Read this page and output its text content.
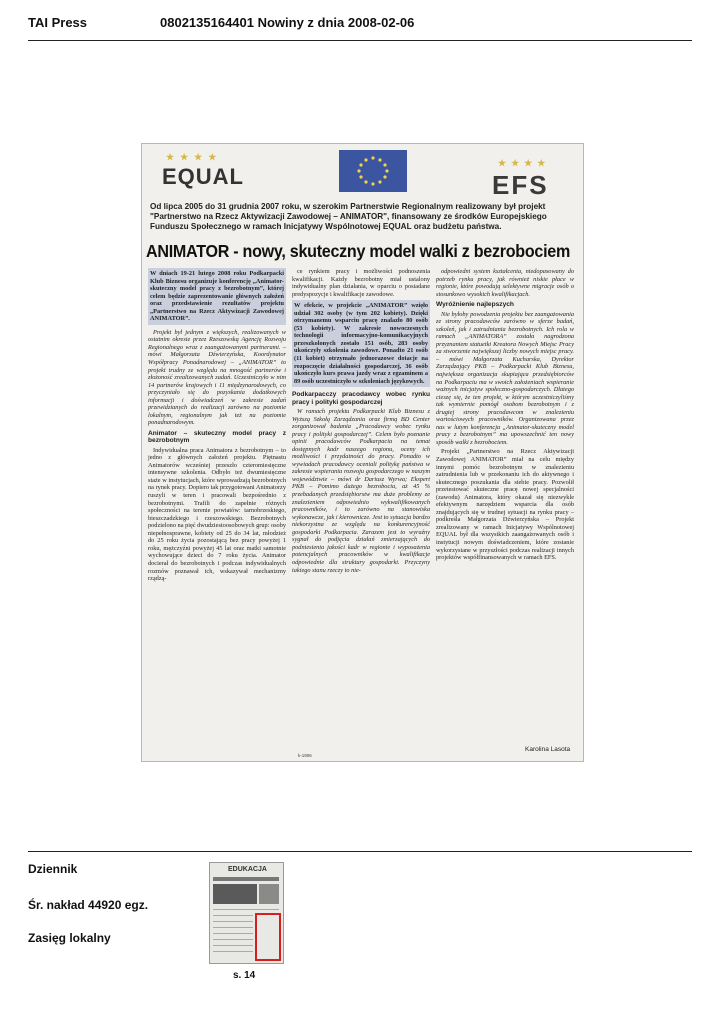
TAI Press	0802135164401 Nowiny z dnia 2008-02-06
★★★★
EQUAL
★★★★
EFS
Od lipca 2005 do 31 grudnia 2007 roku, w szerokim Partnerstwie Regionalnym realizowany był projekt "Partnerstwo na Rzecz Aktywizacji Zawodowej – ANIMATOR", finansowany ze środków Europejskiego Funduszu Społecznego w ramach Inicjatywy Wspólnotowej EQUAL oraz budżetu państwa.
ANIMATOR - nowy, skuteczny model walki z bezrobociem

W dniach 19-21 lutego 2008 roku Podkarpacki Klub Biznesu organizuje konferencję „Animator-skuteczny model pracy z bezrobotnym”, której celem będzie zaprezentowanie głównych założeń oraz przedstawienie rezultatów projektu „Partnerstwo na Rzecz Aktywizacji Zawodowej ANIMATOR”.

Projekt był jednym z większych, realizowanych w ostatnim okresie przez Rzeszowską Agencję Rozwoju Regionalnego wraz z zaangażowanymi partnerami. – mówi Małgorzata Dźwierzyńska, Koordynator Współpracy Ponadnarodowej – „ANIMATOR” to projekt trudny ze względu na mnogość partnerów i złożoność zrealizowanych zadań. Uczestniczyło w nim 14 partnerów krajowych i 11 międzynarodowych, co przyczyniało się do pozyskania dodatkowych informacji i doświadczeń w zakresie zadań przewidzianych do realizacji zarówno na poziomie lokalnym, regionalnym jak też na poziomie ponadnarodowym.

Animator – skuteczny model pracy z bezrobotnym

Indywidualna praca Animatora z bezrobotnym – to jedno z głównych założeń projektu. Piętnastu Animatorów wcześniej przeszło czteromiesięczne intensywne szkolenia. Odbyło też dwumiesięczne staże w instytucjach, które wprowadzają bezrobotnych na rynek pracy. Dopiero tak przygotowani Animatorzy ruszyli w teren i pracowali bezpośrednio z bezrobotnymi. Trafili do zapełnie różnych społeczności na terenie powiatów: tarnobrzeskiego, bieszczadzkiego i rzeszowskiego. Bezrobotnych podzielono na pięć dwudziestoosobowych grup: osoby niepełnosprawne, kobiety od 25 do 34 lat, młodzież do 25 roku życia pozostającą bez pracy powyżej 1 roku, mężczyźni powyżej 45 lat oraz matki samotnie wychowujące dzieci do 7 roku życia. Animator docierał do bezrobotnych i podczas indywidualnych rozmów poznawał ich, wskazywał mechanizmy rządzą-

ce rynkiem pracy i możliwości podnoszenia kwalifikacji. Każdy bezrobotny miał ustalony indywidualny plan działania, w oparciu o posiadane predyspozycje i kwalifikacje zawodowe.

W efekcie, w projekcie „ANIMATOR” wzięło udział 302 osoby (w tym 202 kobiety). Dzięki otrzymanemu wsparciu pracę znalazło 80 osób (53 kobiety). W zakresie nowoczesnych technologii informacyjno-komunikacyjnych przeszkolonych zostało 151 osób, 283 osoby ukończyły szkolenia zawodowe. Ponadto 21 osób (11 kobiet) otrzymało jednorazowe dotacje na rozpoczęcie działalności gospodarczej, 36 osób ukończyło kurs prawa jazdy wraz z egzaminem a 89 osób uczestniczyło w szkoleniach językowych.

Podkarpacczy pracodawcy wobec rynku pracy i polityki gospodarczej

W ramach projektu Podkarpacki Klub Biznesu z Wyższą Szkołą Zarządzania oraz firmą BD Center zorganizował badania „Pracodawcy wobec rynku pracy i polityki gospodarczej”. Celem było poznanie opinii pracodawców Podkarpacia na temat dostępnych kadr naszego regionu, oceny ich możliwości i przydatności do pracy. Ponadto w wywiadach pracodawcy oceniali politykę państwa w zakresie wspierania rozwoju gospodarczego w naszym województwie – mówi dr Dariusz Wyrwa; Ekspert PKB – Pomimo dużego bezrobocia, aż 45 % przebadanych przedsiębiorstw ma duże problemy ze znalezieniem odpowiednio wykwalifikowanych pracowników, i to zarówno na stanowiska wykonawcze, jak i kierownicze. Jest to sytuacja bardzo niekorzystna ze względu na konkurencyjność gospodarki Podkarpacia. Zarazem jest to wyraźny sygnał do podjęcia działań zmierzających do podniesienia jakości kadr w regionie i wyposażenia potencjalnych pracowników w kwalifikacje odpowiednie dla struktury gospodarki. Przyczyny takiego stanu rzeczy to nie-

odpowiedni system kształcenia, niedopasowany do potrzeb rynku pracy, jak również niskie płace w regionie, które powodują selektywne migracje osób o stosunkowo wysokich kwalifikacjach.

Wyróżnienie najlepszych

Nie byłoby powodzenia projektu bez zaangażowania ze strony pracodawców zarówno w sferze badań, szkoleń, jak i zatrudniania bezrobotnych. Ich rola w ramach „ANIMATORA” została nagrodzona przyznaniem statuetki Kreatora Nowych Miejsc Pracy za stworzenie największej liczby nowych miejsc pracy. – mówi Małgorzata Kucharska, Dyrektor Zarządzający PKB – Podkarpacki Klub Biznesu, największa organizacja skupiająca przedsiębiorców na Podkarpaciu ma w swoich założeniach wspieranie ważnych inicjatyw społeczno-gospodarczych. Dlatego cieszę się, że ten projekt, w którym uczestniczyliśmy tak wymiernie pomógł osobom bezrobotnym i z drugiej strony pracodawcom w znalezieniu wartościowych pracowników. Organizowana przez nas w lutym konferencja „Animator-skuteczny model pracy z bezrobotnym” ma upowszechnić ten nowy sposób walki z bezrobociem.

Projekt „Partnerstwo na Rzecz Aktywizacji Zawodowej ANIMATOR” miał na celu między innymi pomóc bezrobotnym w znalezieniu zatrudnienia lub w przekonaniu ich do aktywnego i skutecznego poszukania dla siebie pracy. Pozwolił przetestować skuteczne pracę nowej specjalności (zawodu) Animatora, który okazał się niezwykle efektywnym narzędziem wsparcia dla osób znajdujących się w trudnej sytuacji na rynku pracy – podkreśla Małgorzata Dźwierzyńska – Projekt zrealizowany w ramach Inicjatywy Wspólnotowej EQUAL był dla wszystkich zaangażowanych osób i instytucji nowym doświadczeniem, które zostanie wykorzystane w przyszłości podczas realizacji innych projektów współfinansowanych w ramach EFS.

k-1906
Karolina Lasota
Dziennik
Śr. nakład 44920 egz.
Zasięg lokalny
EDUKACJA
s. 14
